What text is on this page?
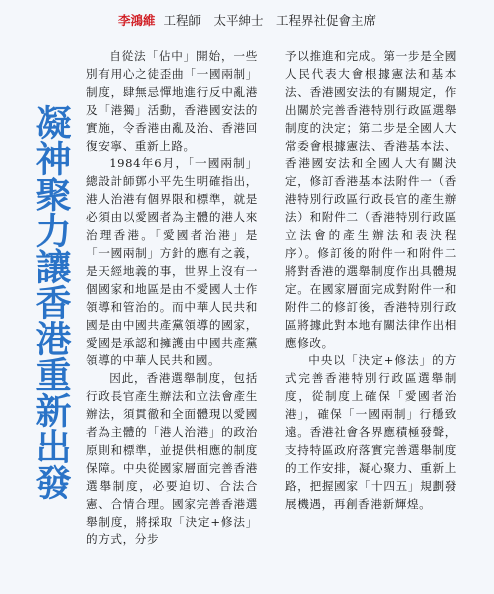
李鴻維 工程師　太平紳士　工程界社促會主席
凝神聚力讓香港重新出發

自從法「佔中」開始，一些別有用心之徒歪曲「一國兩制」制度，肆無忌憚地進行反中亂港及「港獨」活動，香港國安法的實施，令香港由亂及治、香港回復安寧、重新上路。

1984年6月，「一國兩制」總設計師鄧小平先生明確指出，港人治港有個界限和標準，就是必須由以愛國者為主體的港人來治理香港。「愛國者治港」是「一國兩制」方針的應有之義，是天經地義的事，世界上沒有一個國家和地區是由不愛國人士作領導和管治的。而中華人民共和國是由中國共產黨領導的國家，愛國是承認和擁護由中國共產黨領導的中華人民共和國。

因此，香港選舉制度，包括行政長官產生辦法和立法會產生辦法，須貫徹和全面體現以愛國者為主體的「港人治港」的政治原則和標準，並提供相應的制度保障。中央從國家層面完善香港選舉制度，必要迫切、合法合憲、合情合理。國家完善香港選舉制度，將採取「決定+修法」的方式，分步

予以推進和完成。第一步是全國人民代表大會根據憲法和基本法、香港國安法的有關規定，作出關於完善香港特別行政區選舉制度的決定；第二步是全國人大常委會根據憲法、香港基本法、香港國安法和全國人大有關決定，修訂香港基本法附件一（香港特別行政區行政長官的產生辦法）和附件二（香港特別行政區立法會的產生辦法和表決程序）。修訂後的附件一和附件二將對香港的選舉制度作出具體規定。在國家層面完成對附件一和附件二的修訂後，香港特別行政區將據此對本地有關法律作出相應修改。

中央以「決定+修法」的方式完善香港特別行政區選舉制度，從制度上確保「愛國者治港」，確保「一國兩制」行穩致遠。香港社會各界應積極發聲，支持特區政府落實完善選舉制度的工作安排，凝心聚力、重新上路，把握國家「十四五」規劃發展機遇，再創香港新輝煌。
